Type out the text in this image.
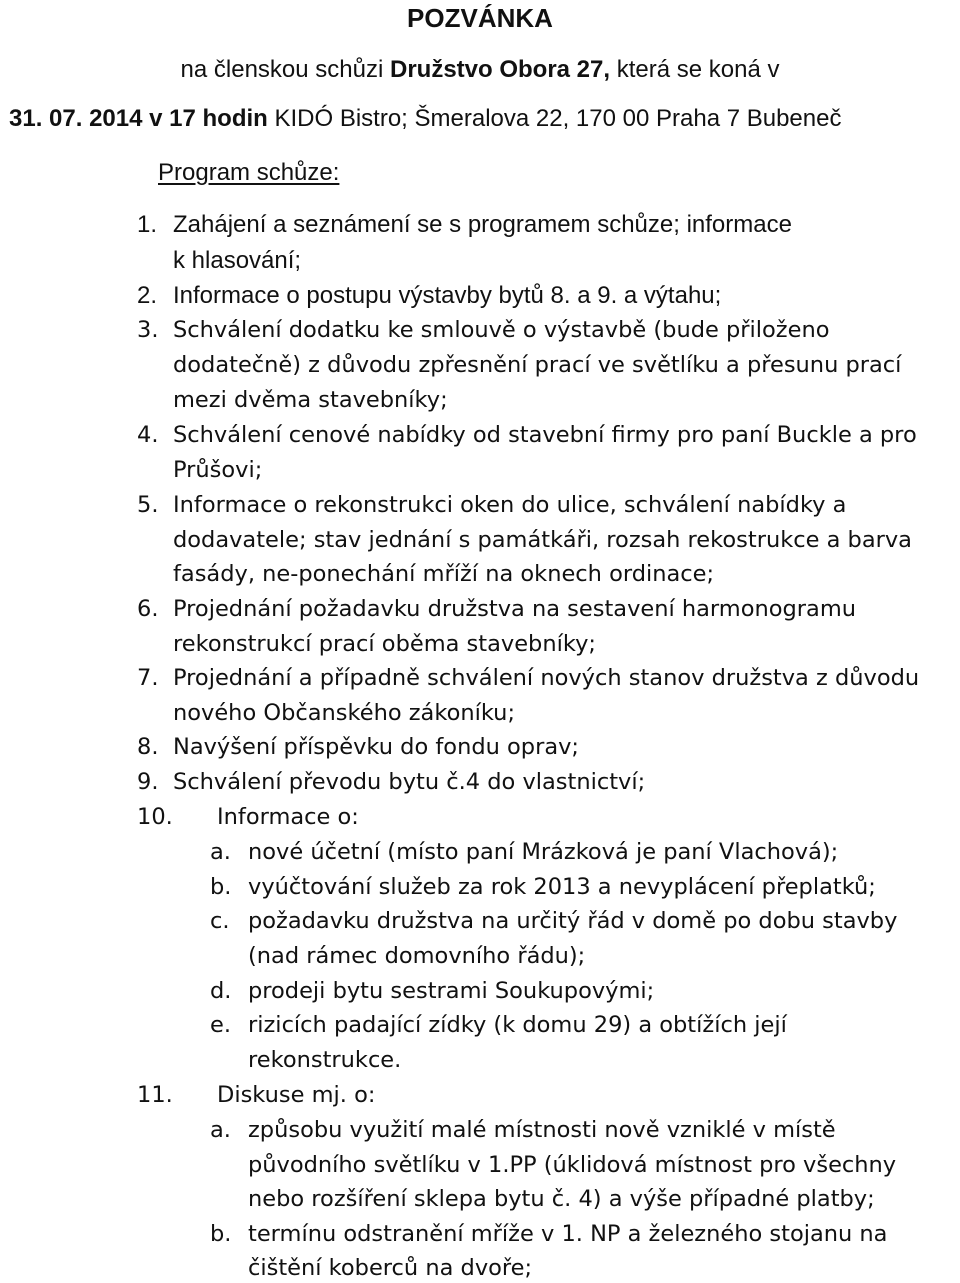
POZVÁNKA
na členskou schůzi Družstvo Obora 27, která se koná v
31. 07. 2014 v 17 hodin KIDÓ Bistro; Šmeralova 22, 170 00 Praha 7 Bubeneč
Program schůze:
1. Zahájení a seznámení se s programem schůze; informace
k hlasování;
2. Informace o postupu výstavby bytů 8. a 9. a výtahu;
3. Schválení dodatku ke smlouvě o výstavbě (bude přiloženo
dodatečně) z důvodu zpřesnění prací ve světlíku a přesunu prací
mezi dvěma stavebníky;
4. Schválení cenové nabídky od stavební firmy pro paní Buckle a pro
Průšovi;
5. Informace o rekonstrukci oken do ulice, schválení nabídky a
dodavatele; stav jednání s památkáři, rozsah rekostrukce a barva
fasády, ne-ponechání mříží na oknech ordinace;
6. Projednání požadavku družstva na sestavení harmonogramu
rekonstrukcí prací oběma stavebníky;
7. Projednání a případně schválení nových stanov družstva z důvodu
nového Občanského zákoníku;
8. Navýšení příspěvku do fondu oprav;
9. Schválení převodu bytu č.4 do vlastnictví;
10. Informace o:
a. nové účetní (místo paní Mrázková je paní Vlachová);
b. vyúčtování služeb za rok 2013 a nevyplácení přeplatků;
c. požadavku družstva na určitý řád v domě po dobu stavby
(nad rámec domovního řádu);
d. prodeji bytu sestrami Soukupovými;
e. rizicích padající zídky (k domu 29) a obtížích její
rekonstrukce.
11. Diskuse mj. o:
a. způsobu využití malé místnosti nově vzniklé v místě
původního světlíku v 1.PP (úklidová místnost pro všechny
nebo rozšíření sklepa bytu č. 4) a výše případné platby;
b. termínu odstranění mříže v 1. NP a železného stojanu na
čištění koberců na dvoře;
